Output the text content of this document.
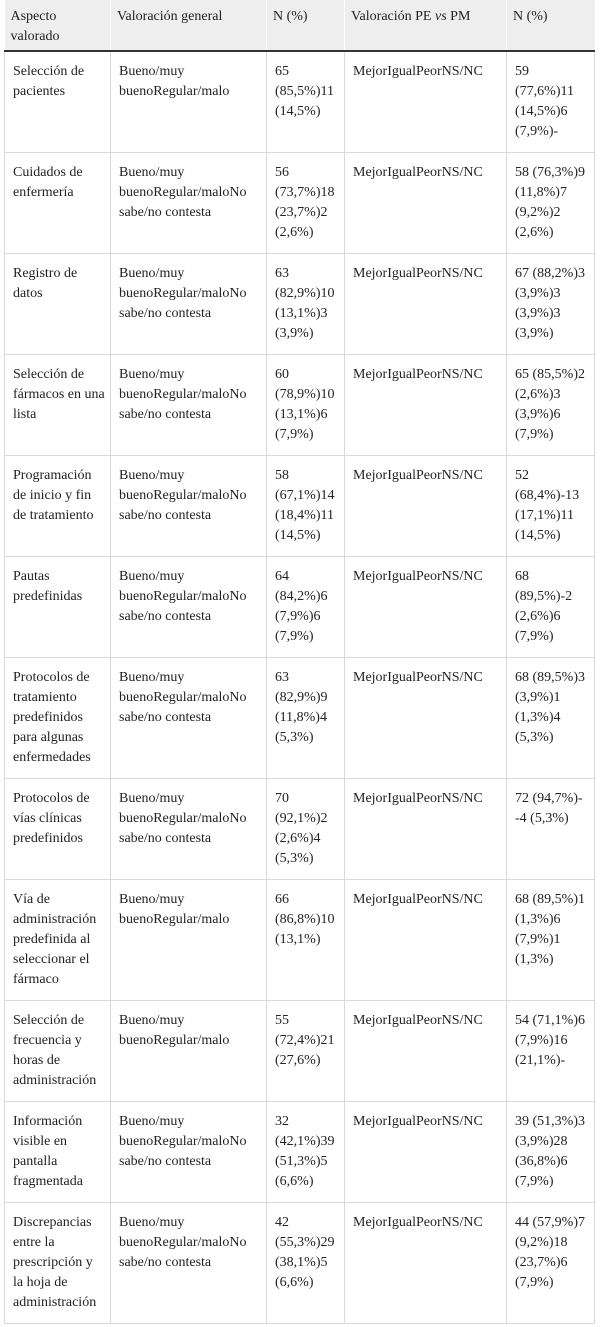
Aspecto valorado	Valoración general	N (%)	Valoración PE vs PM	N (%)
Selección de pacientes	Bueno/muy buenoRegular/malo	65 (85,5%)11 (14,5%)	MejorIgualPeorNS/NC	59 (77,6%)11 (14,5%)6 (7,9%)-
Cuidados de enfermería	Bueno/muy buenoRegular/maloNo sabe/no contesta	56 (73,7%)18 (23,7%)2 (2,6%)	MejorIgualPeorNS/NC	58 (76,3%)9 (11,8%)7 (9,2%)2 (2,6%)
Registro de datos	Bueno/muy buenoRegular/maloNo sabe/no contesta	63 (82,9%)10 (13,1%)3 (3,9%)	MejorIgualPeorNS/NC	67 (88,2%)3 (3,9%)3 (3,9%)3 (3,9%)
Selección de fármacos en una lista	Bueno/muy buenoRegular/maloNo sabe/no contesta	60 (78,9%)10 (13,1%)6 (7,9%)	MejorIgualPeorNS/NC	65 (85,5%)2 (2,6%)3 (3,9%)6 (7,9%)
Programación de inicio y fin de tratamiento	Bueno/muy buenoRegular/maloNo sabe/no contesta	58 (67,1%)14 (18,4%)11 (14,5%)	MejorIgualPeorNS/NC	52 (68,4%)-13 (17,1%)11 (14,5%)
Pautas predefinidas	Bueno/muy buenoRegular/maloNo sabe/no contesta	64 (84,2%)6 (7,9%)6 (7,9%)	MejorIgualPeorNS/NC	68 (89,5%)-2 (2,6%)6 (7,9%)
Protocolos de tratamiento predefinidos para algunas enfermedades	Bueno/muy buenoRegular/maloNo sabe/no contesta	63 (82,9%)9 (11,8%)4 (5,3%)	MejorIgualPeorNS/NC	68 (89,5%)3 (3,9%)1 (1,3%)4 (5,3%)
Protocolos de vías clínicas predefinidos	Bueno/muy buenoRegular/maloNo sabe/no contesta	70 (92,1%)2 (2,6%)4 (5,3%)	MejorIgualPeorNS/NC	72 (94,7%)--4 (5,3%)
Vía de administración predefinida al seleccionar el fármaco	Bueno/muy buenoRegular/malo	66 (86,8%)10 (13,1%)	MejorIgualPeorNS/NC	68 (89,5%)1 (1,3%)6 (7,9%)1 (1,3%)
Selección de frecuencia y horas de administración	Bueno/muy buenoRegular/malo	55 (72,4%)21 (27,6%)	MejorIgualPeorNS/NC	54 (71,1%)6 (7,9%)16 (21,1%)-
Información visible en pantalla fragmentada	Bueno/muy buenoRegular/maloNo sabe/no contesta	32 (42,1%)39 (51,3%)5 (6,6%)	MejorIgualPeorNS/NC	39 (51,3%)3 (3,9%)28 (36,8%)6 (7,9%)
Discrepancias entre la prescripción y la hoja de administración	Bueno/muy buenoRegular/maloNo sabe/no contesta	42 (55,3%)29 (38,1%)5 (6,6%)	MejorIgualPeorNS/NC	44 (57,9%)7 (9,2%)18 (23,7%)6 (7,9%)
